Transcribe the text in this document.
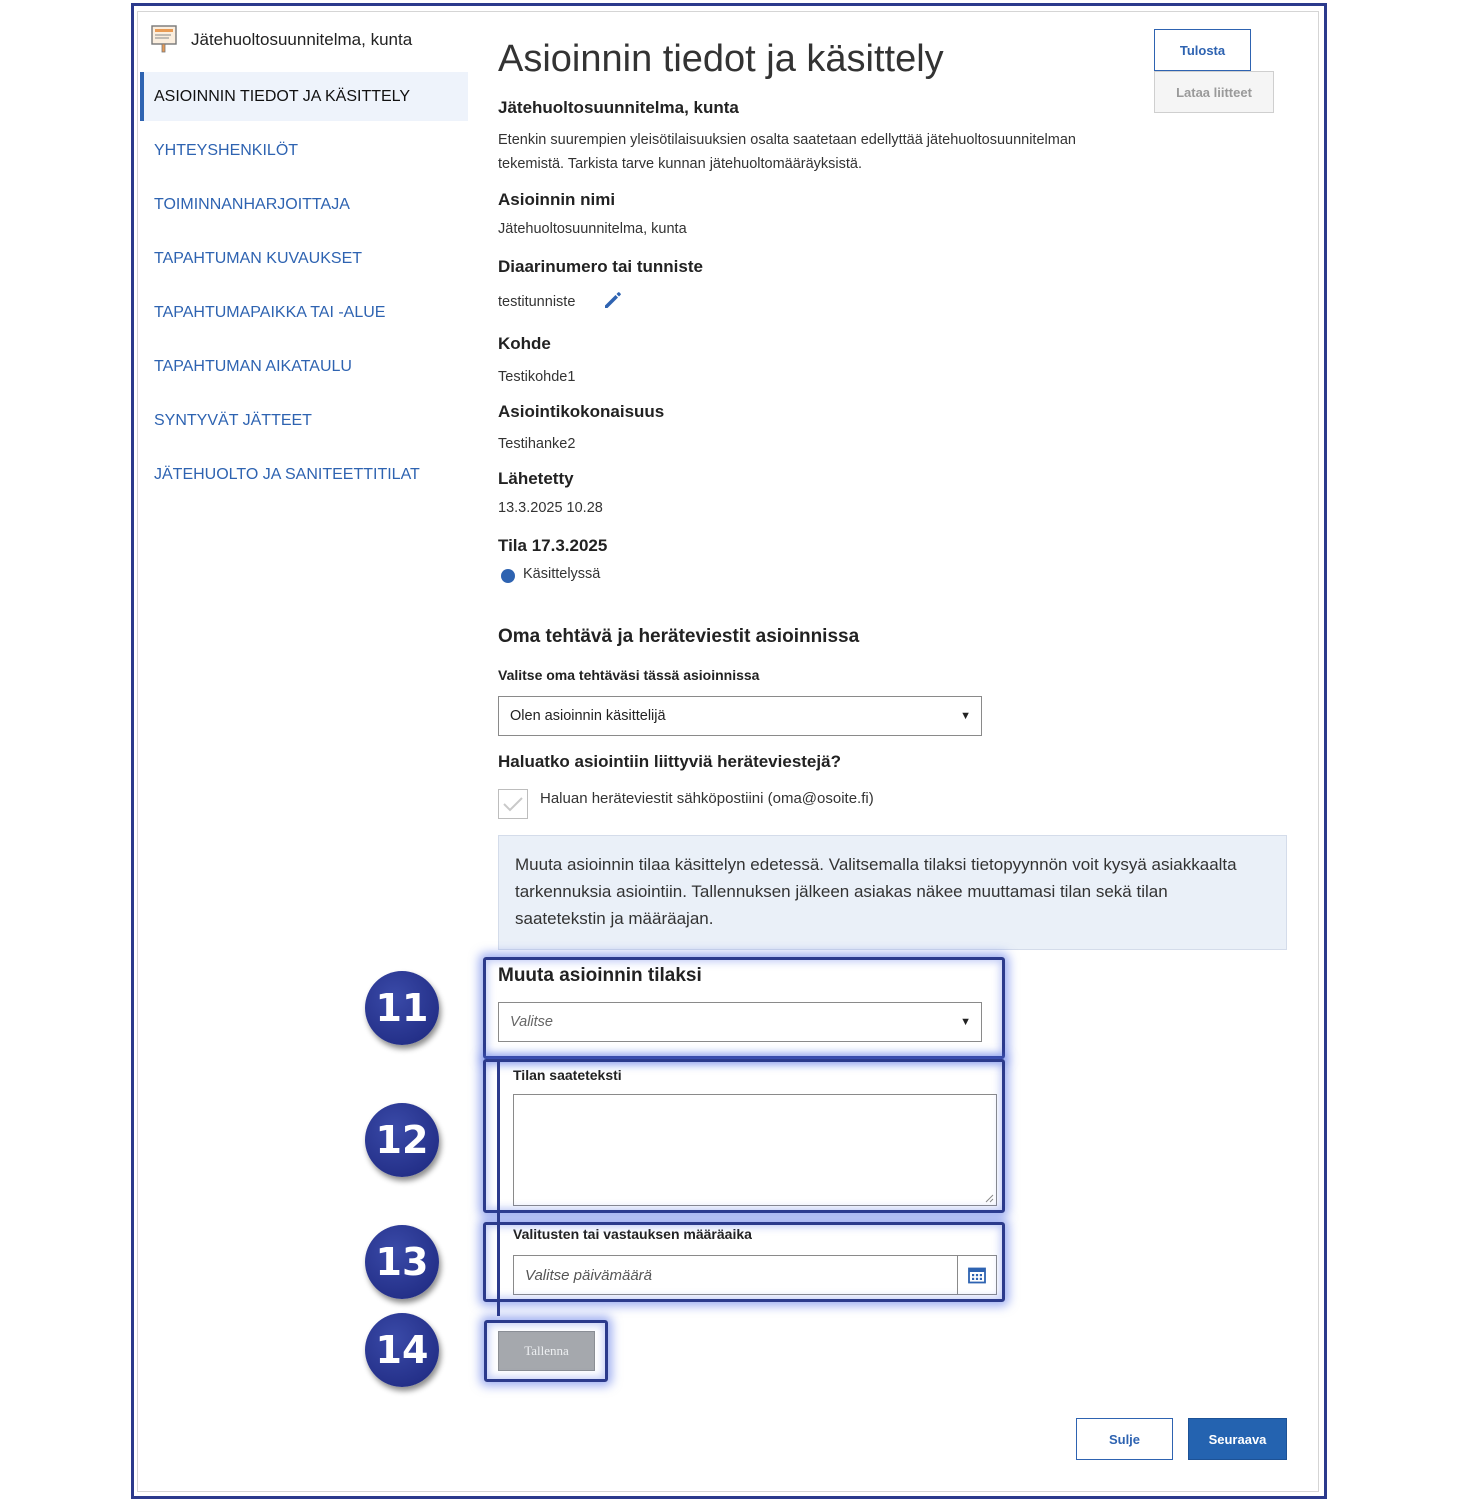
Jätehuoltosuunnitelma, kunta
ASIOINNIN TIEDOT JA KÄSITTELY
YHTEYSHENKILÖT
TOIMINNANHARJOITTAJA
TAPAHTUMAN KUVAUKSET
TAPAHTUMAPAIKKA TAI -ALUE
TAPAHTUMAN AIKATAULU
SYNTYVÄT JÄTTEET
JÄTEHUOLTO JA SANITEETTITILAT
Asioinnin tiedot ja käsittely	Tulosta
Lataa liitteet
Jätehuoltosuunnitelma, kunta
Etenkin suurempien yleisötilaisuuksien osalta saatetaan edellyttää jätehuoltosuunnitelman
tekemistä. Tarkista tarve kunnan jätehuoltomääräyksistä.
Asioinnin nimi
Jätehuoltosuunnitelma, kunta
Diaarinumero tai tunniste
testitunniste
Kohde
Testikohde1
Asiointikokonaisuus
Testihanke2
Lähetetty
13.3.2025 10.28
Tila 17.3.2025
Käsittelyssä
Oma tehtävä ja heräteviestit asioinnissa
Valitse oma tehtäväsi tässä asioinnissa
Olen asioinnin käsittelijä	▼
Haluatko asiointiin liittyviä heräteviestejä?
Haluan heräteviestit sähköpostiini (oma@osoite.fi)
Muuta asioinnin tilaa käsittelyn edetessä. Valitsemalla tilaksi tietopyynnön voit kysyä asiakkaalta
tarkennuksia asiointiin. Tallennuksen jälkeen asiakas näkee muuttamasi tilan sekä tilan
saatetekstin ja määräajan.
Muuta asioinnin tilaksi
Valitse	▼
Tilan saateteksti
Valitusten tai vastauksen määräaika
Valitse päivämäärä
Tallenna
Sulje	Seuraava
11
12
13
14
